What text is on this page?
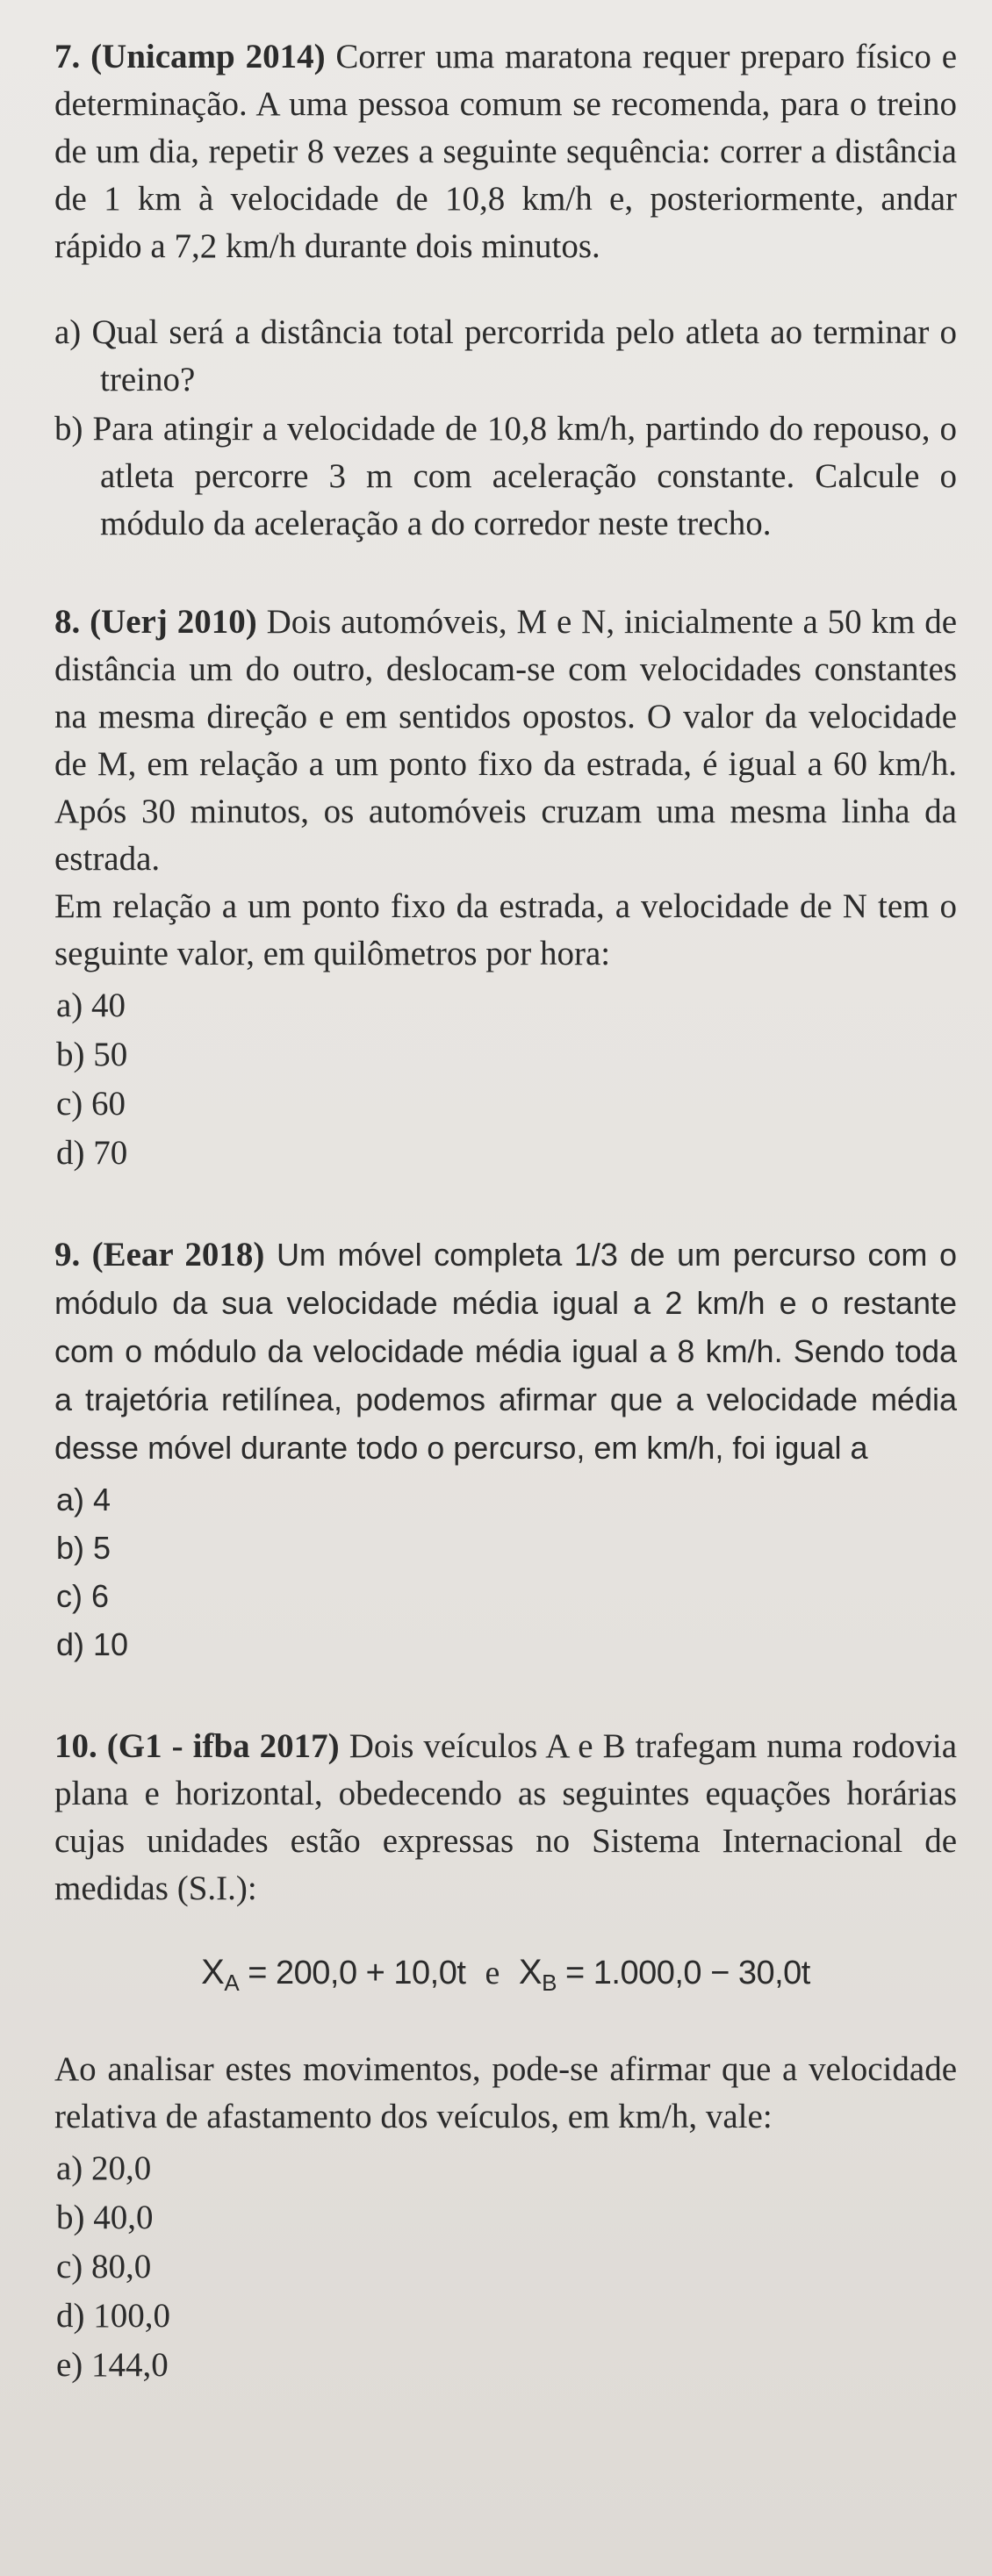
7. (Unicamp 2014) Correr uma maratona requer preparo físico e determinação. A uma pessoa comum se recomenda, para o treino de um dia, repetir 8 vezes a seguinte sequência: correr a distância de 1 km à velocidade de 10,8 km/h e, posteriormente, andar rápido a 7,2 km/h durante dois minutos.

a) Qual será a distância total percorrida pelo atleta ao terminar o treino?

b) Para atingir a velocidade de 10,8 km/h, partindo do repouso, o atleta percorre 3 m com aceleração constante. Calcule o módulo da aceleração a do corredor neste trecho.

8. (Uerj 2010) Dois automóveis, M e N, inicialmente a 50 km de distância um do outro, deslocam-se com velocidades constantes na mesma direção e em sentidos opostos. O valor da velocidade de M, em relação a um ponto fixo da estrada, é igual a 60 km/h. Após 30 minutos, os automóveis cruzam uma mesma linha da estrada.

Em relação a um ponto fixo da estrada, a velocidade de N tem o seguinte valor, em quilômetros por hora:

a) 40
b) 50
c) 60
d) 70

9. (Eear 2018) Um móvel completa 1/3 de um percurso com o módulo da sua velocidade média igual a 2 km/h e o restante com o módulo da velocidade média igual a 8 km/h. Sendo toda a trajetória retilínea, podemos afirmar que a velocidade média desse móvel durante todo o percurso, em km/h, foi igual a

a) 4
b) 5
c) 6
d) 10

10. (G1 - ifba 2017) Dois veículos A e B trafegam numa rodovia plana e horizontal, obedecendo as seguintes equações horárias cujas unidades estão expressas no Sistema Internacional de medidas (S.I.):

$X_A = 200,0 + 10,0t$ e $X_B = 1.000,0 - 30,0t$

Ao analisar estes movimentos, pode-se afirmar que a velocidade relativa de afastamento dos veículos, em km/h, vale:

a) 20,0
b) 40,0
c) 80,0
d) 100,0
e) 144,0
